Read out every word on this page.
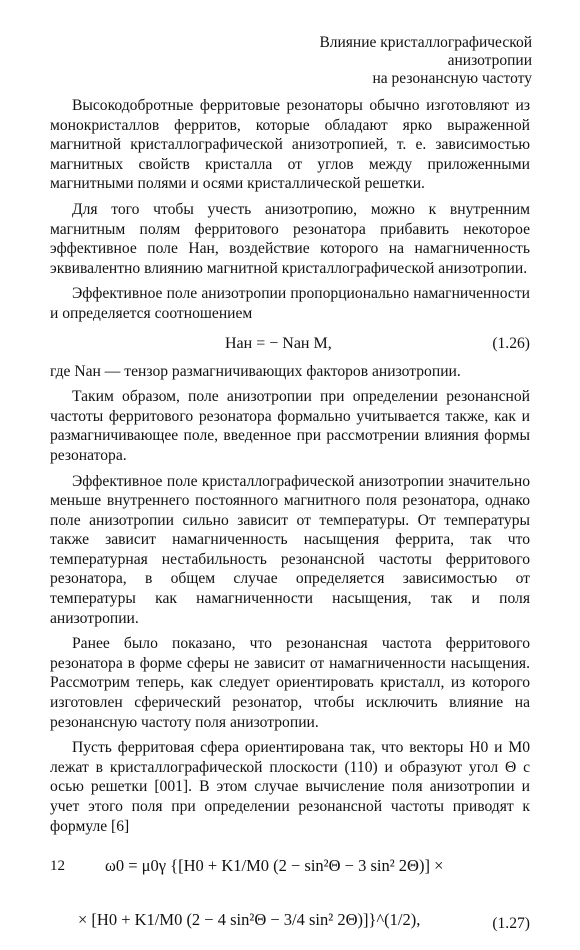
Влияние кристаллографической
анизотропии
на резонансную частоту

Высокодобротные ферритовые резонаторы обычно изготовляют из монокристаллов ферритов, которые обладают ярко выраженной магнитной кристаллографической анизотропией, т. е. зависимостью магнитных свойств кристалла от углов между приложенными магнитными полями и осями кристаллической решетки.

Для того чтобы учесть анизотропию, можно к внутренним магнитным полям ферритового резонатора прибавить некоторое эффективное поле Hан, воздействие которого на намагниченность эквивалентно влиянию магнитной кристаллографической анизотропии.

Эффективное поле анизотропии пропорционально намагниченности и определяется соотношением

Hан = − Nан M,	(1.26)

где Nан — тензор размагничивающих факторов анизотропии.

Таким образом, поле анизотропии при определении резонансной частоты ферритового резонатора формально учитывается также, как и размагничивающее поле, введенное при рассмотрении влияния формы резонатора.

Эффективное поле кристаллографической анизотропии значительно меньше внутреннего постоянного магнитного поля резонатора, однако поле анизотропии сильно зависит от температуры. От температуры также зависит намагниченность насыщения феррита, так что температурная нестабильность резонансной частоты ферритового резонатора, в общем случае определяется зависимостью от температуры как намагниченности насыщения, так и поля анизотропии.

Ранее было показано, что резонансная частота ферритового резонатора в форме сферы не зависит от намагниченности насыщения. Рассмотрим теперь, как следует ориентировать кристалл, из которого изготовлен сферический резонатор, чтобы исключить влияние на резонансную частоту поля анизотропии.

Пусть ферритовая сфера ориентирована так, что векторы H0 и M0 лежат в кристаллографической плоскости (110) и образуют угол Θ с осью решетки [001]. В этом случае вычисление поля анизотропии и учет этого поля при определении резонансной частоты приводят к формуле [6]

ω0 = μ0γ {[H0 + K1/M0 (2 − sin²Θ − 3 sin² 2Θ)] ×
× [H0 + K1/M0 (2 − 4 sin²Θ − 3/4 sin² 2Θ)]}^(1/2),	(1.27)
12
